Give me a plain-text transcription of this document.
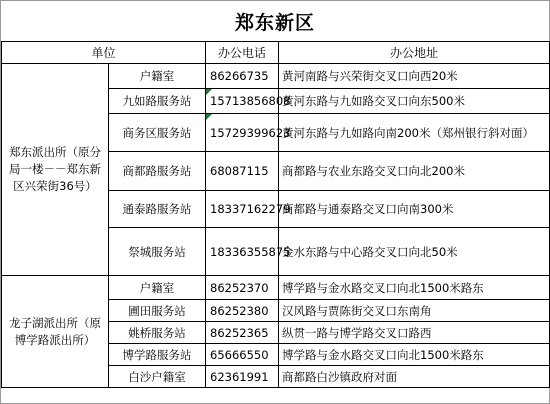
郑东新区
单位		办公电话	办公地址
郑东派出所（原分局一楼－－郑东新区兴荣街36号）	户籍室	86266735	黄河南路与兴荣街交叉口向西20米
	九如路服务站	15713856808	黄河东路与九如路交叉口向东500米
	商务区服务站	15729399623	黄河东路与九如路向南200米（郑州银行斜对面）
	商都路服务站	68087115	商都路与农业东路交叉口向北200米
	通泰路服务站	18337162279	商都路与通泰路交叉口向南300米
	祭城服务站	18336355875	金水东路与中心路交叉口向北50米
龙子湖派出所（原博学路派出所）	户籍室	86252370	博学路与金水路交叉口向北1500米路东
	圃田服务站	86252380	汉风路与贾陈街交叉口东南角
	姚桥服务站	86252365	纵贯一路与博学路交叉口路西
	博学路服务站	65666550	博学路与金水路交叉口向北1500米路东
	白沙户籍室	62361991	商都路白沙镇政府对面
